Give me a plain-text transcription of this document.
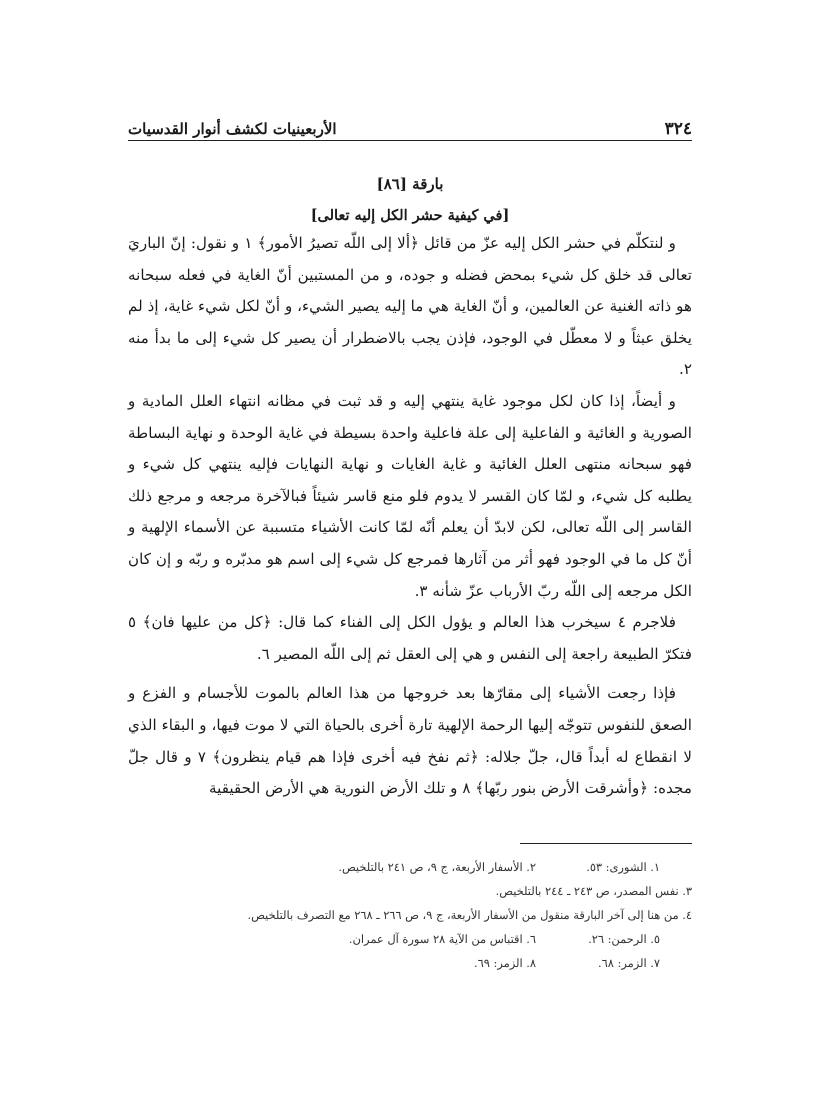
٣٢٤
الأربعينيات لكشف أنوار القدسيات
بارقة [٨٦]
[في كيفية حشر الكل إليه تعالى]

و لنتكلّم في حشر الكل إليه عزّ من قائل ﴿ألا إلى اللّه تصيرُ الأمور﴾ ١ و نقول: إنّ الباريَ تعالى قد خلق كل شيء بمحض فضله و جوده، و من المستبين أنّ الغاية في فعله سبحانه هو ذاته الغنية عن العالمين، و أنّ الغاية هي ما إليه يصير الشيء، و أنّ لكل شيء غاية، إذ لم يخلق عبثاً و لا معطّل في الوجود، فإذن يجب بالاضطرار أن يصير كل شيء إلى ما بدأ منه ٢.

و أيضاً، إذا كان لكل موجود غاية ينتهي إليه و قد ثبت في مظانه انتهاء العلل المادية و الصورية و الغائية و الفاعلية إلى علة فاعلية واحدة بسيطة في غاية الوحدة و نهاية البساطة فهو سبحانه منتهى العلل الغائية و غاية الغايات و نهاية النهايات فإليه ينتهي كل شيء و يطلبه كل شيء، و لمّا كان القسر لا يدوم فلو منع قاسر شيئاً فبالآخرة مرجعه و مرجع ذلك القاسر إلى اللّه تعالى، لكن لابدّ أن يعلم أنّه لمّا كانت الأشياء متسببة عن الأسماء الإلهية و أنّ كل ما في الوجود فهو أثر من آثارها فمرجع كل شيء إلى اسم هو مدبّره و ربّه و إن كان الكل مرجعه إلى اللّه ربّ الأرباب عزّ شأنه ٣.

فلاجرم ٤ سيخرب هذا العالم و يؤول الكل إلى الفناء كما قال: ﴿كل من عليها فان﴾ ٥ فتكرّ الطبيعة راجعة إلى النفس و هي إلى العقل ثم إلى اللّه المصير ٦.

فإذا رجعت الأشياء إلى مقارّها بعد خروجها من هذا العالم بالموت للأجسام و الفزع و الصعق للنفوس تتوجّه إليها الرحمة الإلهية تارة أخرى بالحياة التي لا موت فيها، و البقاء الذي لا انقطاع له أبداً قال، جلّ جلاله: ﴿ثم نفخ فيه أخرى فإذا هم قيام ينظرون﴾ ٧ و قال جلّ مجده: ﴿وأشرقت الأرض بنور ربّها﴾ ٨ و تلك الأرض النورية هي الأرض الحقيقية

١. الشورى: ٥٣.
٢. الأسفار الأربعة، ج ٩، ص ٢٤١ بالتلخيص.
٣. نفس المصدر، ص ٢٤٣ ـ ٢٤٤ بالتلخيص.
٤. من هنا إلى آخر البارقة منقول من الأسفار الأربعة، ج ٩، ص ٢٦٦ ـ ٢٦٨ مع التصرف بالتلخيص.
٥. الرحمن: ٢٦.
٦. اقتباس من الآية ٢٨ سورة آل عمران.
٧. الزمر: ٦٨.
٨. الزمر: ٦٩.
